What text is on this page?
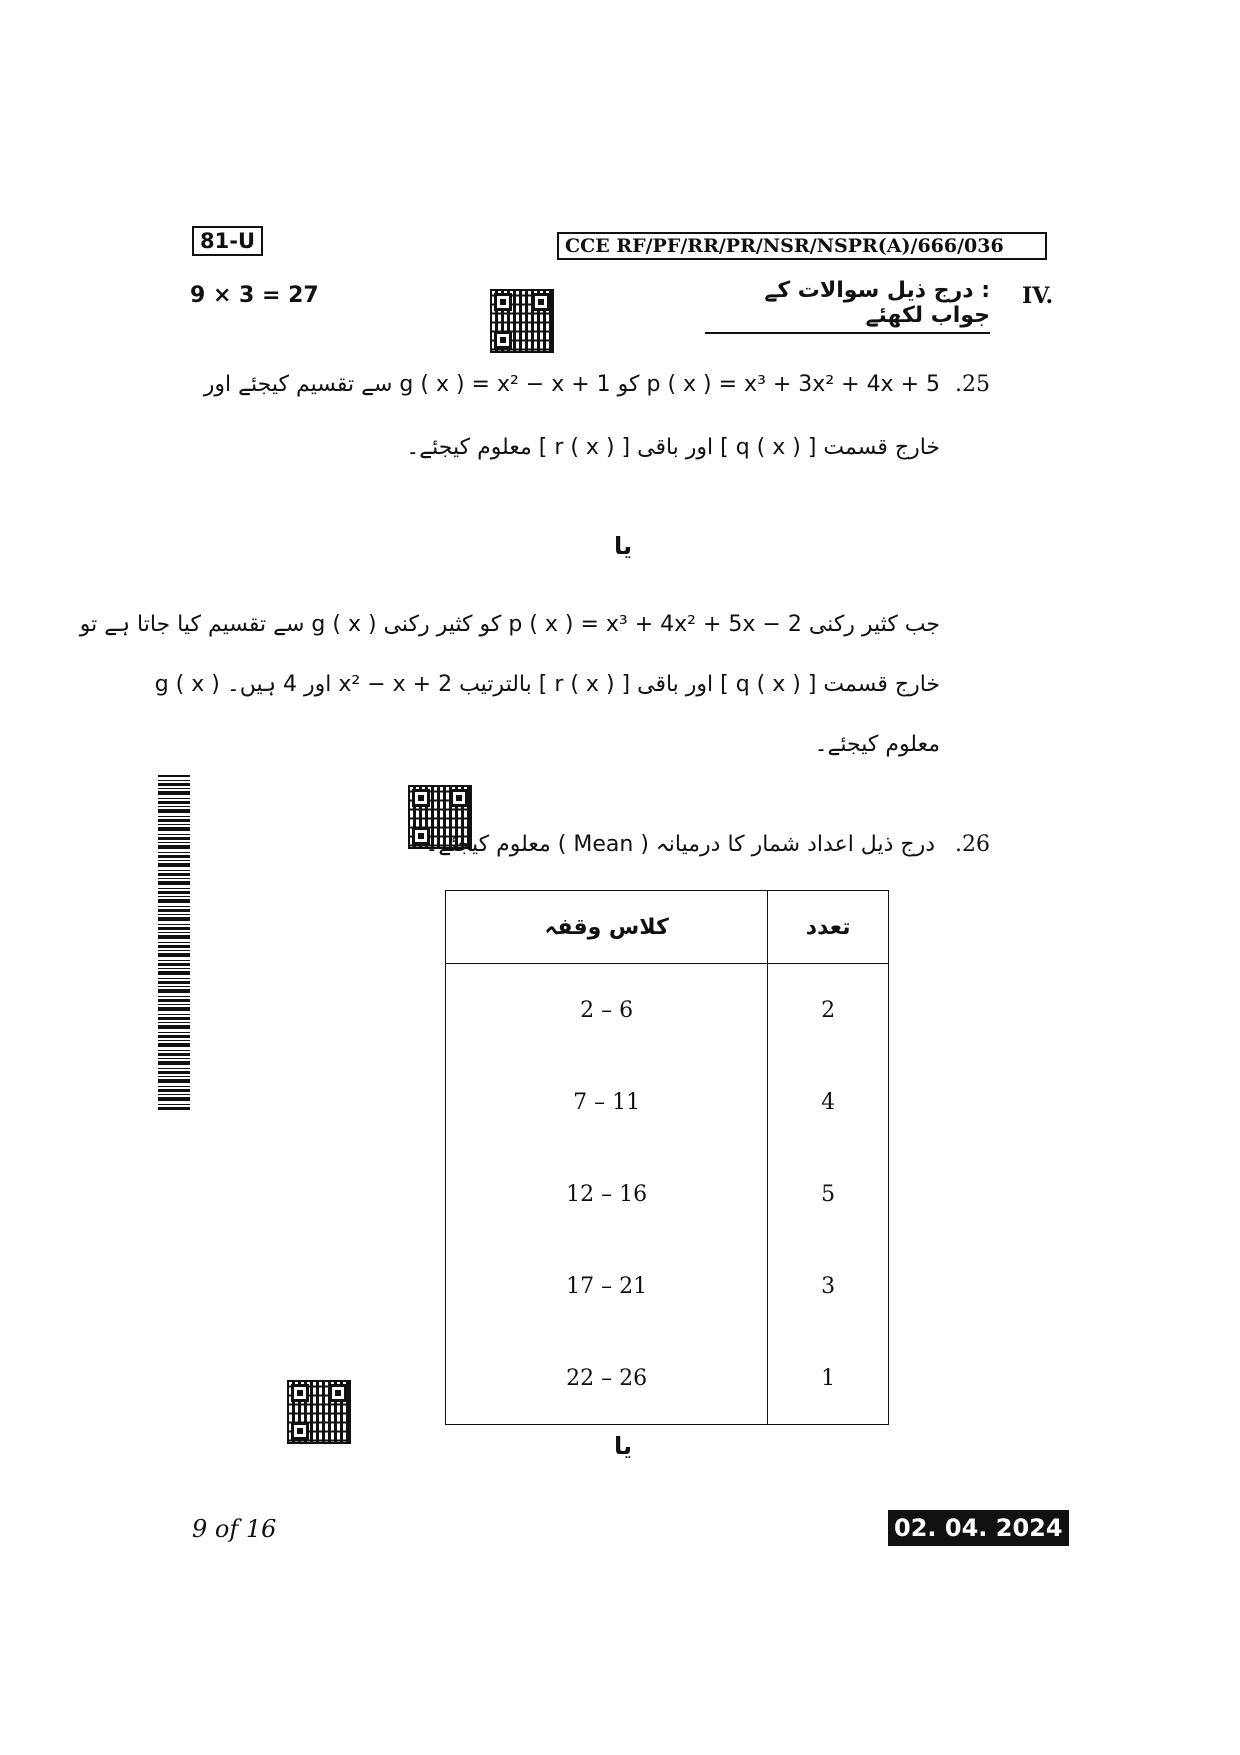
81-U	CCE RF/PF/RR/PR/NSR/NSPR(A)/666/036
9 × 3 = 27	IV.
: درج ذیل سوالات کے جواب لکھئے
.25
p ( x ) = x³ + 3x² + 4x + 5 کو g ( x ) = x² − x + 1 سے تقسیم کیجئے اور
خارج قسمت [ q ( x ) ] اور باقی [ r ( x ) ] معلوم کیجئے۔
یا
جب کثیر رکنی p ( x ) = x³ + 4x² + 5x − 2 کو کثیر رکنی g ( x ) سے تقسیم کیا جاتا ہے تو
خارج قسمت [ q ( x ) ] اور باقی [ r ( x ) ] بالترتیب x² − x + 2 اور 4 ہیں۔ g ( x )
معلوم کیجئے۔
.26
درج ذیل اعداد شمار کا درمیانہ ( Mean ) معلوم کیجئے۔
کلاس وقفہ	تعدد
2 – 6	2
7 – 11	4
12 – 16	5
17 – 21	3
22 – 26	1
یا
9 of 16	02. 04. 2024
